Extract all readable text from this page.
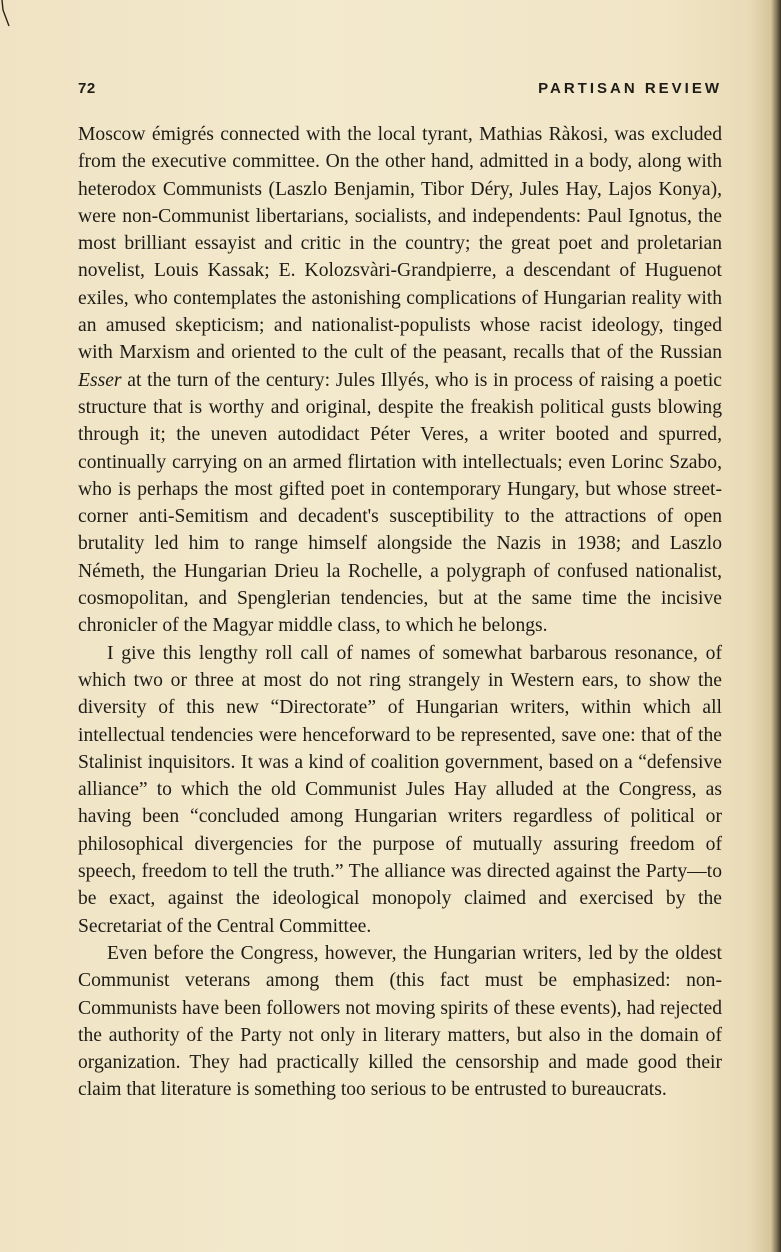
72	PARTISAN REVIEW

Moscow émigrés connected with the local tyrant, Mathias Ràkosi, was excluded from the executive committee. On the other hand, admitted in a body, along with heterodox Communists (Laszlo Benjamin, Tibor Déry, Jules Hay, Lajos Konya), were non-Communist libertarians, socialists, and independents: Paul Ignotus, the most brilliant essayist and critic in the country; the great poet and proletarian novelist, Louis Kassak; E. Kolozsvàri-Grandpierre, a descendant of Huguenot exiles, who contemplates the astonishing complications of Hungarian reality with an amused skepticism; and nationalist-populists whose racist ideology, tinged with Marxism and oriented to the cult of the peasant, recalls that of the Russian Esser at the turn of the century: Jules Illyés, who is in process of raising a poetic structure that is worthy and original, despite the freakish political gusts blowing through it; the uneven autodidact Péter Veres, a writer booted and spurred, continually carrying on an armed flirtation with intellectuals; even Lorinc Szabo, who is perhaps the most gifted poet in contemporary Hungary, but whose street-corner anti-Semitism and decadent's susceptibility to the attractions of open brutality led him to range himself alongside the Nazis in 1938; and Laszlo Németh, the Hungarian Drieu la Rochelle, a polygraph of confused nationalist, cosmopolitan, and Spenglerian tendencies, but at the same time the incisive chronicler of the Magyar middle class, to which he belongs.

I give this lengthy roll call of names of somewhat barbarous resonance, of which two or three at most do not ring strangely in Western ears, to show the diversity of this new “Directorate” of Hungarian writers, within which all intellectual tendencies were henceforward to be represented, save one: that of the Stalinist inquisitors. It was a kind of coalition government, based on a “defensive alliance” to which the old Communist Jules Hay alluded at the Congress, as having been “concluded among Hungarian writers regardless of political or philosophical divergencies for the purpose of mutually assuring freedom of speech, freedom to tell the truth.” The alliance was directed against the Party—to be exact, against the ideological monopoly claimed and exercised by the Secretariat of the Central Committee.

Even before the Congress, however, the Hungarian writers, led by the oldest Communist veterans among them (this fact must be emphasized: non-Communists have been followers not moving spirits of these events), had rejected the authority of the Party not only in literary matters, but also in the domain of organization. They had practically killed the censorship and made good their claim that literature is something too serious to be entrusted to bureaucrats.
